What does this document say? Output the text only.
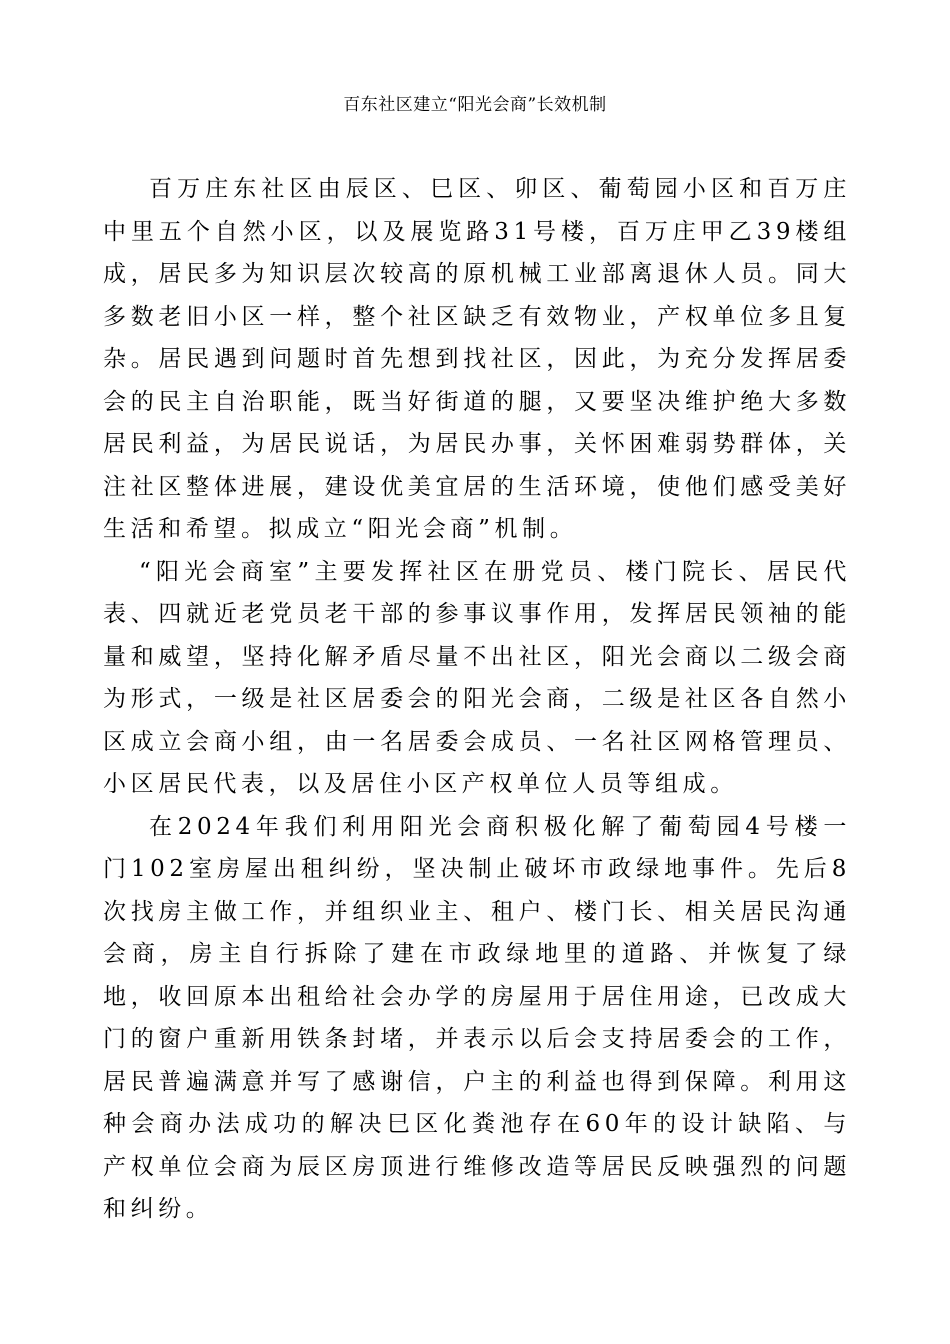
百东社区建立“阳光会商”长效机制

百万庄东社区由辰区、巳区、卯区、葡萄园小区和百万庄中里五个自然小区，以及展览路31号楼，百万庄甲乙39楼组成，居民多为知识层次较高的原机械工业部离退休人员。同大多数老旧小区一样，整个社区缺乏有效物业，产权单位多且复杂。居民遇到问题时首先想到找社区，因此，为充分发挥居委会的民主自治职能，既当好街道的腿，又要坚决维护绝大多数居民利益，为居民说话，为居民办事，关怀困难弱势群体，关注社区整体进展，建设优美宜居的生活环境，使他们感受美好生活和希望。拟成立“阳光会商”机制。

“阳光会商室”主要发挥社区在册党员、楼门院长、居民代表、四就近老党员老干部的参事议事作用，发挥居民领袖的能量和威望，坚持化解矛盾尽量不出社区，阳光会商以二级会商为形式，一级是社区居委会的阳光会商，二级是社区各自然小区成立会商小组，由一名居委会成员、一名社区网格管理员、小区居民代表，以及居住小区产权单位人员等组成。

在2024年我们利用阳光会商积极化解了葡萄园4号楼一门102室房屋出租纠纷，坚决制止破坏市政绿地事件。先后8次找房主做工作，并组织业主、租户、楼门长、相关居民沟通会商，房主自行拆除了建在市政绿地里的道路、并恢复了绿地，收回原本出租给社会办学的房屋用于居住用途，已改成大门的窗户重新用铁条封堵，并表示以后会支持居委会的工作，居民普遍满意并写了感谢信，户主的利益也得到保障。利用这种会商办法成功的解决巳区化粪池存在60年的设计缺陷、与产权单位会商为辰区房顶进行维修改造等居民反映强烈的问题和纠纷。
